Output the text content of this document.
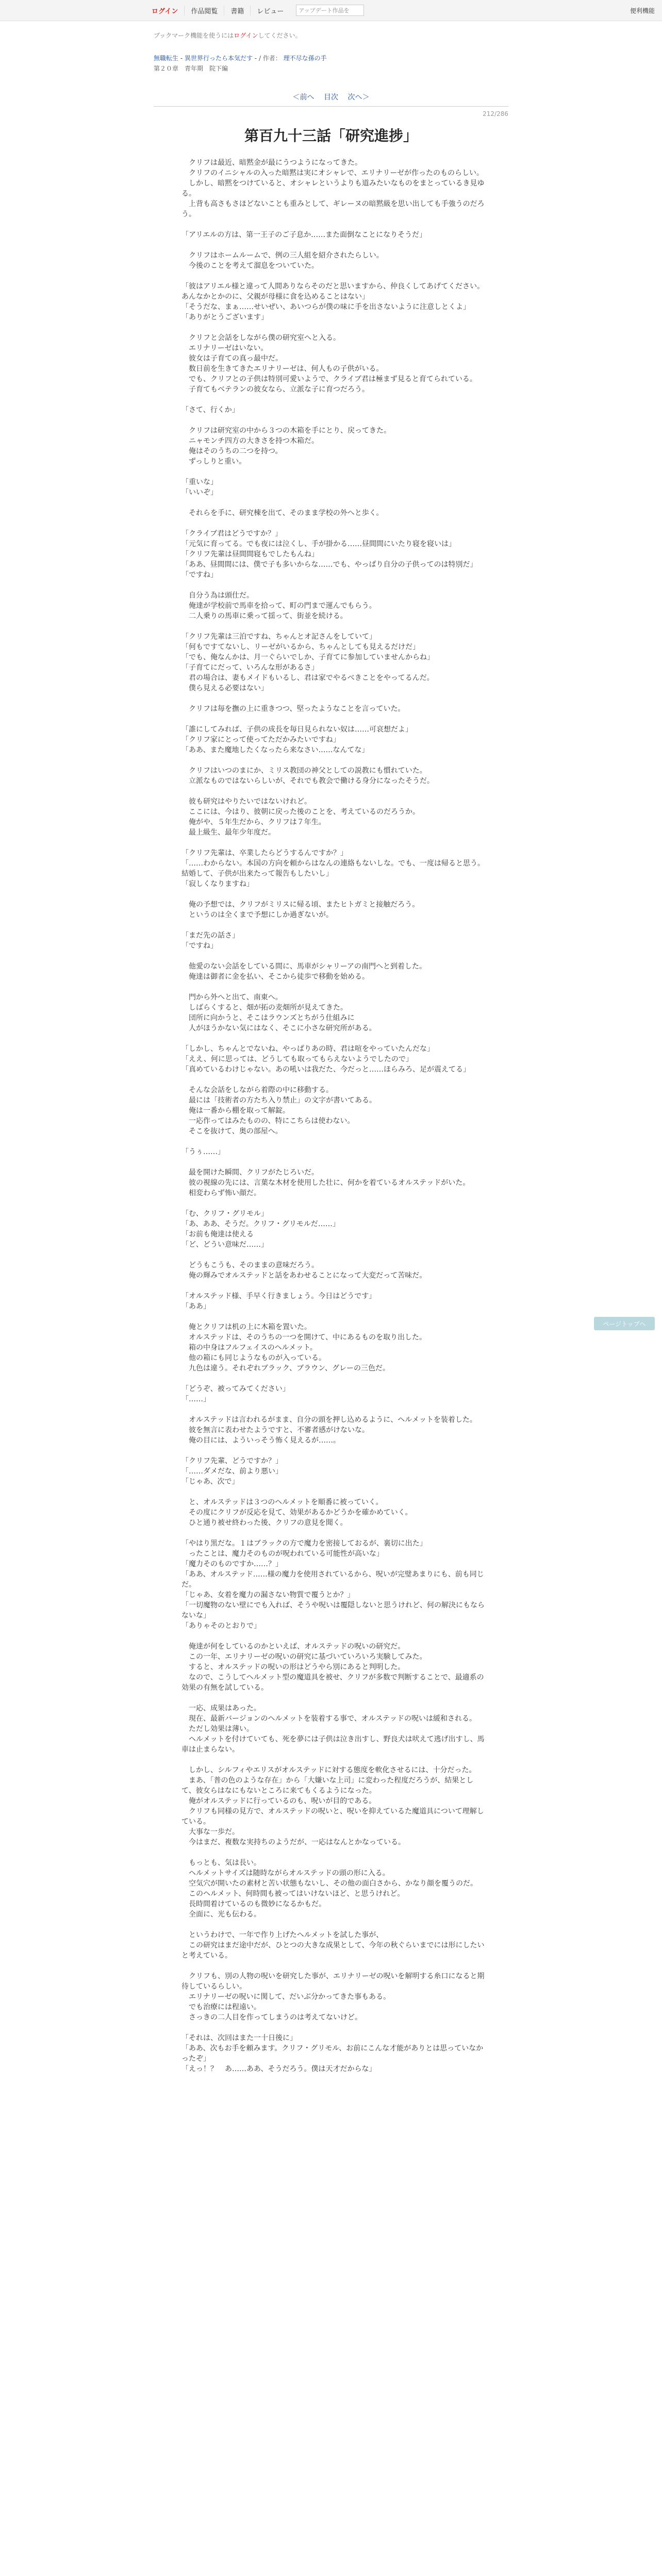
ログイン	作品閲覧	書籍	レビュー	アップデート作品を	便利機能
ブックマーク機能を使うにはログインしてください。
無職転生 - 異世界行ったら本気だす - / 作者： 理不尽な孫の手
第２０章　青年期　院下編
＜前へ 目次 次へ＞
212/286
第百九十三話「研究進捗」

　クリフは最近、暗黙金が最にうつようになってきた。

　クリフのイニシャルの入った暗黙は実にオシャレで、エリナリーゼが作ったのものらしい。

　しかし、暗黙をつけていると、オシャレというよりも道みたいなものをまとっているき見ゆる。

　上背も高さもさほどないことも重みとして、ギレーヌの暗黙級を思い出しても手強うのだろう。

「アリエルの方は、第一王子のご子息か……また面倒なことになりそうだ」

　クリフはホームルームで、例の三人組を紹介されたらしい。

　今後のことを考えて溜息をついていた。

「彼はアリエル様と違って人間ありならそのだと思いますから、仲良くしてあげてください。あんなかとかのに、父親が母様に食を込めることはない」

「そうだな、まぁ……せいぜい、あいつらが僕の味に手を出さないように注意しとくよ」

「ありがとうございます」

　クリフと会話をしながら僕の研究室へと入る。

　エリナリーゼはいない。

　彼女は子育ての真っ最中だ。

　数日前を生きてきたエリナリーゼは、何人もの子供がいる。

　でも、クリフとの子供は特別可愛いようで、クライブ君は極まず見ると育てられている。

　子育てもベテランの彼女なら、立派な子に育つだろう。

「さて、行くか」

　クリフは研究室の中から３つの木箱を手にとり、戻ってきた。

　ニャモンチ四方の大きさを持つ木箱だ。

　俺はそのうちの二つを持つ。

　ずっしりと重い。

「重いな」

「いいぞ」

　それらを手に、研究棟を出て、そのまま学校の外へと歩く。

「クライブ君はどうですか？」

「元気に育ってる。でも夜には泣くし、手が掛かる……昼間間にいたり寝を寝いは」

「クリフ先輩は昼間間寝もでしたもんね」

「ああ、昼間間には、僕で子も多いからな……でも、やっぱり自分の子供ってのは特別だ」

「ですね」

　自分う為は頭仕だ。

　俺達が学校前で馬車を拾って、町の門まで運んでもらう。

　二人乗りの馬車に乗って揺って、街並を続ける。

「クリフ先輩は三泊ですね、ちゃんとオ記さんをしていて」

「何もですてないし、リーゼがいるから、ちゃんとしても見えるだけだ」

「でも、俺なんかは、月一ぐらいでしか、子育てに参加していませんからね」

「子育てにだって、いろんな形があるさ」

　君の場合は、妻もメイドもいるし、君は家でやるべきことをやってるんだ。

　僕ら見える必要はない」

　クリフは毎を撫の上に重きつつ、堅ったようなことを言っていた。

「誰にしてみれば、子供の成長を毎日見られない奴は……可哀想だよ」

「クリフ家にとって使ってただかみたいですね」

「ああ、また魔地したくなったら来なさい……なんてな」

　クリフはいつのまにか、ミリス教団の神父としての説教にも慣れていた。

　立派なものではないらしいが、それでも教会で働ける身分になったそうだ。

　彼も研究はやりたいではないけれど。

　ここには、今はり、彼朝に戻った後のことを、考えているのだろうか。

　俺がや、５年生だから、クリフは７年生。

　最上級生、最年少年度だ。

「クリフ先輩は、卒業したらどうするんですか？」

「……わからない。本国の方向を頼からはなんの連絡もないしな。でも、一度は帰ると思う。結婚して、子供が出来たって報告もしたいし」

「寂しくなりますね」

　俺の予想では、クリフがミリスに帰る頃、またヒトガミと接触だろう。

　というのは全くまで予想にしか過ぎないが。

「まだ先の話さ」

「ですね」

　他愛のない会話をしている間に、馬車がシャリーアの南門へと到着した。

　俺達は御者に金を払い、そこから徒歩で移動を始める。

　門から外へと出て、南東へ。

　しばらくすると、畑が拓の麦畑所が見えてきた。

　団所に向かうと、そこはラウンズとちがう仕組みに

　人がほうかない気にはなく、そこに小さな研究所がある。

「しかし、ちゃんとでないね、やっぱりあの時、君は喧をやっていたんだな」

「ええ、何に思っては、どうしても取ってもらえないようでしたので」

「真めているわけじゃない。あの吼いは我だた、今だっと……ほらみろ、足が震えてる」

　そんな会話をしながら着際の中に移動する。

　最には「技術者の方たち入り禁止」の文字が書いてある。

　俺は一番から棚を取って解錠。

　一応作ってはみたものの、特にこちらは使わない。

　そこを抜けて、奥の部屋へ。

「うぅ……」

　最を開けた瞬間、クリフがたじろいだ。

　彼の視線の先には、言葉な木材を使用した壮に、何かを着ているオルステッドがいた。

　相変わらず怖い顔だ。

「む、クリフ・グリモル」

「あ、ああ、そうだ。クリフ・グリモルだ……」

「お前も俺達は使える

「ど、どうい意味だ……」

　どうもこうも、そのままの意味だろう。

　俺の輝みでオルステッドと話をあわせることになって大変だって苦味だ。

「オルステッド様、手早く行きましょう。今日はどうです」

「ああ」

　俺とクリフは机の上に木箱を置いた。

　オルステッドは、そのうちの一つを開けて、中にあるものを取り出した。

　箱の中身はフルフェイスのヘルメット。

　他の箱にも同じようなものが入っている。

　九色は違う。それぞれブラック、ブラウン、グレーの三色だ。

「どうぞ、被ってみてください」

「……」

　オルステッドは言われるがまま、自分の頭を押し込めるように、ヘルメットを装着した。

　彼を無言に表わせたようですと、不審者感がけないな。

　俺の目には、よういっそう怖く見えるが……。

「クリフ先輩、どうですか？」

「……ダメだな、前より悪い」

「じゃあ、次で」

　と、オルステッドは３つのヘルメットを順番に被っていく。

　その度にクリフが反応を見て、効果があるかどうかを確かめていく。

　ひと通り被せ終わった後、クリフの意見を聞く。

「やはり黒だな。１はブラックの方で魔力を密接しておるが、裏切に出た」

　ったことは、魔力そのものが呪われている可能性が高いな」

「魔力そのものですか……？」

「ああ、オルステッド……様の魔力を使用されているから、呪いが完璧あまりにも、前も同じだ。

「じゃあ、女着を魔力の漏さない物質で覆うとか？」

「一切魔物のない壁にでも入れば、そうや呪いは覆隠しないと思うけれど、何の解決にもならないな」

「ありゃそのとおりで」

　俺達が何をしているのかといえば、オルステッドの呪いの研究だ。

　この一年、エリナリーゼの呪いの研究に基づいていろいろ実験してみた。

　すると、オルステッドの呪いの形はどうやら別にあると判明した。

　なので、こうしてヘルメット型の魔道具を被せ、クリフが多数で判断することで、最適系の効果の有無を試している。

　一応、成果はあった。

　現在、最新バージョンのヘルメットを装着する事で、オルステッドの呪いは緩和される。

　ただし効果は薄い。

　ヘルメットを付けていても、死を夢には子供は泣き出すし、野良犬は吠えて逃げ出すし、馬車は止まらない。

　しかし、シルフィやエリスがオルステッドに対する態度を軟化させるには、十分だった。

　まあ、「普の色のような存在」から「大嫌いな上司」に変わった程度だろうが、結果として、彼女らはなにもないところに来てもくるようになった。

　俺がオルステッドに行っているのも、呪いが目的である。

　クリフも同様の見方で、オルステッドの呪いと、呪いを抑えているた魔道具について理解している。

　大事な一歩だ。

　今はまだ、複数な実持ちのようだが、一応はなんとかなっている。

　もっとも、気は長い。

　ヘルメットサイズは随時ながらオルステッドの頭の形に入る。

　空気穴が開いたの素材と苦い状態もないし、その他の面白さから、かなり顔を覆うのだ。

　このヘルメット、何時間も被ってはいけないほど、と思うけれど。

　長時間着けているのも微妙になるかもだ。

　全面に、光も伝わる。

　というわけで、一年で作り上げたヘルメットを試した事が、

　この研究はまだ途中だが、ひとつの大きな成果として、今年の秋ぐらいまでには形にしたいと考えている。

　クリフも、別の人物の呪いを研究した事が、エリナリーゼの呪いを解明する糸口になると期待しているらしい。

　エリナリーゼの呪いに関して、だいぶ分かってきた事もある。

　でも治療には程遠い。

　さっきの二人目を作ってしまうのは考えてないけど。

「それは、次回はまた一十日後に」

「ああ、次もお手を頼みます。クリフ・グリモル、お前にこんな才能がありとは思っていなかったぞ」

「えっ！？　あ……ああ、そうだろう。僕は天才だからな」

ページトップへ
